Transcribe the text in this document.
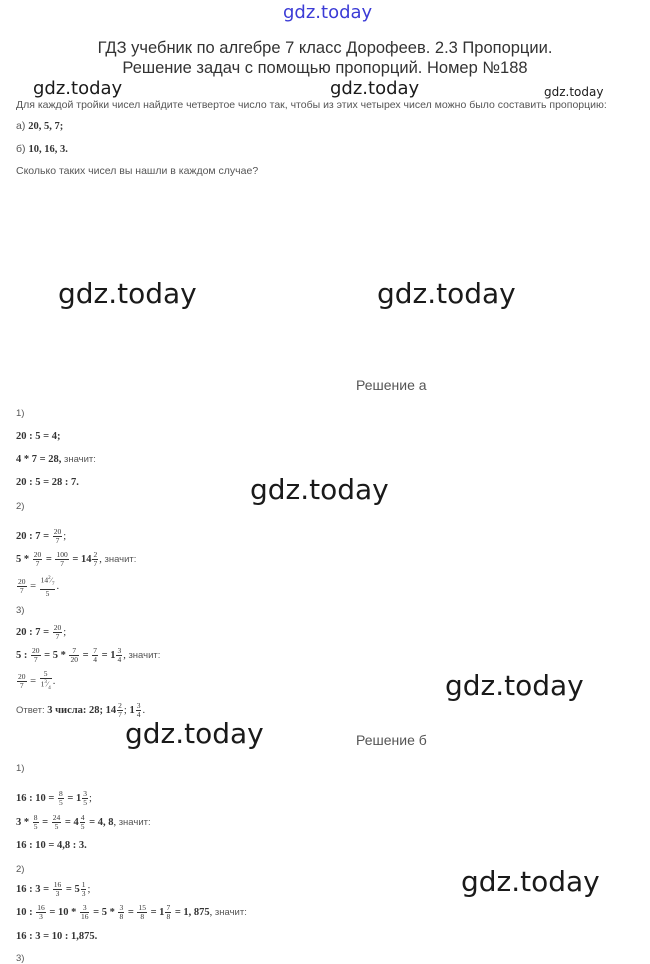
gdz.today
ГДЗ учебник по алгебре 7 класс Дорофеев. 2.3 Пропорции.
Решение задач с помощью пропорций. Номер №188
gdz.today	gdz.today	gdz.today
gdz.today	gdz.today
gdz.today
gdz.today
gdz.today
gdz.today
Для каждой тройки чисел найдите четвертое число так, чтобы из этих четырех чисел можно было составить пропорцию:
а) 20, 5, 7;
б) 10, 16, 3.
Сколько таких чисел вы нашли в каждом случае?
Решение а
1)
20 : 5 = 4;
4 * 7 = 28, значит:
20 : 5 = 28 : 7.
2)
20 : $7 = \frac{20}{7}$ ;
$5 * \frac{20}{7} = \frac{100}{7} = 14 \frac{2}{7}$ , значит:
$\frac{20}{7} = \frac{14^2⁄_7}{5}$ .
3)
20 : $7 = \frac{20}{7}$ ;
5 : $\frac{20}{7} = 5 * \frac{7}{20} = \frac{7}{4} = 1 \frac{3}{4}$ , значит:
$\frac{20}{7} = \frac{5}{1^3⁄_4}$ .
Ответ: 3 числа: 28; $14 \frac{2}{7}$ ; $1 \frac{3}{4}$ .
Решение б
1)
16 : $10 = \frac{8}{5} = 1 \frac{3}{5}$ ;
$3 * \frac{8}{5} = \frac{24}{5} = 4 \frac{4}{5} = 4$, 8, значит:
16 : 10 = 4,8 : 3.
2)
16 : $3 = \frac{16}{3} = 5 \frac{1}{3}$ ;
10 : $\frac{16}{3} = 10 * \frac{3}{16} = 5 * \frac{3}{8} = \frac{15}{8} = 1 \frac{7}{8} = 1$, 875, значит:
16 : 3 = 10 : 1,875.
3)
